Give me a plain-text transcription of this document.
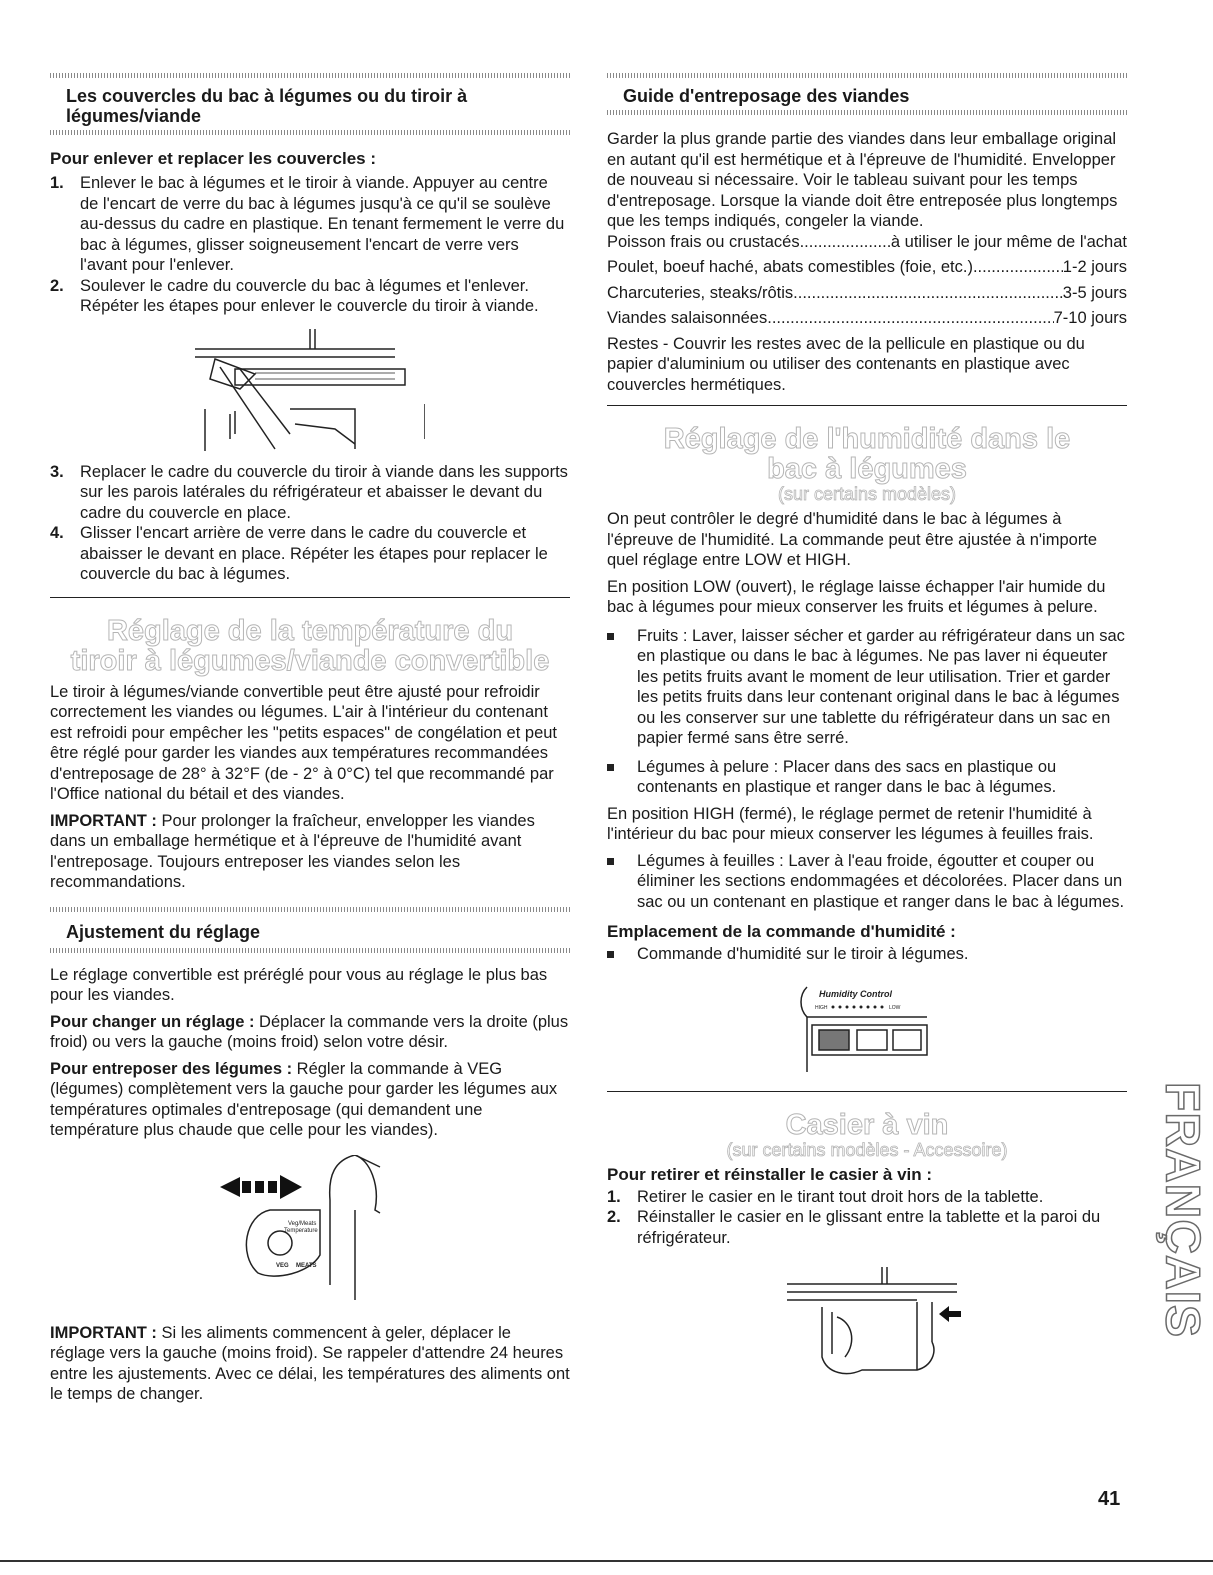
Les couvercles du bac à légumes ou du tiroir à légumes/viande
Pour enlever et replacer les couvercles :
1. Enlever le bac à légumes et le tiroir à viande. Appuyer au centre de l'encart de verre du bac à légumes jusqu'à ce qu'il se soulève au-dessus du cadre en plastique. En tenant fermement le verre du bac à légumes, glisser soigneusement l'encart de verre vers l'avant pour l'enlever.
2. Soulever le cadre du couvercle du bac à légumes et l'enlever. Répéter les étapes pour enlever le couvercle du tiroir à viande.
3. Replacer le cadre du couvercle du tiroir à viande dans les supports sur les parois latérales du réfrigérateur et abaisser le devant du cadre du couvercle en place.
4. Glisser l'encart arrière de verre dans le cadre du couvercle et abaisser le devant en place. Répéter les étapes pour replacer le couvercle du bac à légumes.
Réglage de la température du tiroir à légumes/viande convertible

Le tiroir à légumes/viande convertible peut être ajusté pour refroidir correctement les viandes ou légumes. L'air à l'intérieur du contenant est refroidi pour empêcher les "petits espaces" de congélation et peut être réglé pour garder les viandes aux températures recommandées d'entreposage de 28° à 32°F (de - 2° à 0°C) tel que recommandé par l'Office national du bétail et des viandes.

IMPORTANT : Pour prolonger la fraîcheur, envelopper les viandes dans un emballage hermétique et à l'épreuve de l'humidité avant l'entreposage. Toujours entreposer les viandes selon les recommandations.

Ajustement du réglage

Le réglage convertible est préréglé pour vous au réglage le plus bas pour les viandes.

Pour changer un réglage : Déplacer la commande vers la droite (plus froid) ou vers la gauche (moins froid) selon votre désir.

Pour entreposer des légumes : Régler la commande à VEG (légumes) complètement vers la gauche pour garder les légumes aux températures optimales d'entreposage (qui demandent une température plus chaude que celle pour les viandes).

Veg/Meats
Temperature
VEG MEATS

IMPORTANT : Si les aliments commencent à geler, déplacer le réglage vers la gauche (moins froid). Se rappeler d'attendre 24 heures entre les ajustements. Avec ce délai, les températures des aliments ont le temps de changer.

Guide d'entreposage des viandes

Garder la plus grande partie des viandes dans leur emballage original en autant qu'il est hermétique et à l'épreuve de l'humidité. Envelopper de nouveau si nécessaire. Voir le tableau suivant pour les temps d'entreposage. Lorsque la viande doit être entreposée plus longtemps que les temps indiqués, congeler la viande.

Poisson frais ou crustacés .....	à utiliser le jour même de l'achat
Poulet, boeuf haché, abats comestibles (foie, etc.) .....	1-2 jours
Charcuteries, steaks/rôtis .....	3-5 jours
Viandes salaisonnées .....	7-10 jours

Restes - Couvrir les restes avec de la pellicule en plastique ou du papier d'aluminium ou utiliser des contenants en plastique avec couvercles hermétiques.

Réglage de l'humidité dans le bac à légumes
(sur certains modèles)

On peut contrôler le degré d'humidité dans le bac à légumes à l'épreuve de l'humidité. La commande peut être ajustée à n'importe quel réglage entre LOW et HIGH.

En position LOW (ouvert), le réglage laisse échapper l'air humide du bac à légumes pour mieux conserver les fruits et légumes à pelure.

Fruits : Laver, laisser sécher et garder au réfrigérateur dans un sac en plastique ou dans le bac à légumes. Ne pas laver ni équeuter les petits fruits avant le moment de leur utilisation. Trier et garder les petits fruits dans leur contenant original dans le bac à légumes ou les conserver sur une tablette du réfrigérateur dans un sac en papier fermé sans être serré.
Légumes à pelure : Placer dans des sacs en plastique ou contenants en plastique et ranger dans le bac à légumes.

En position HIGH (fermé), le réglage permet de retenir l'humidité à l'intérieur du bac pour mieux conserver les légumes à feuilles frais.

Légumes à feuilles : Laver à l'eau froide, égoutter et couper ou éliminer les sections endommagées et décolorées. Placer dans un sac ou un contenant en plastique et ranger dans le bac à légumes.
Emplacement de la commande d'humidité :
Commande d'humidité sur le tiroir à légumes.
Humidity Control
HIGH	LOW
Casier à vin
(sur certains modèles - Accessoire)
Pour retirer et réinstaller le casier à vin :
1. Retirer le casier en le tirant tout droit hors de la tablette.
2. Réinstaller le casier en le glissant entre la tablette et la paroi du réfrigérateur.	FRANÇAIS
41
